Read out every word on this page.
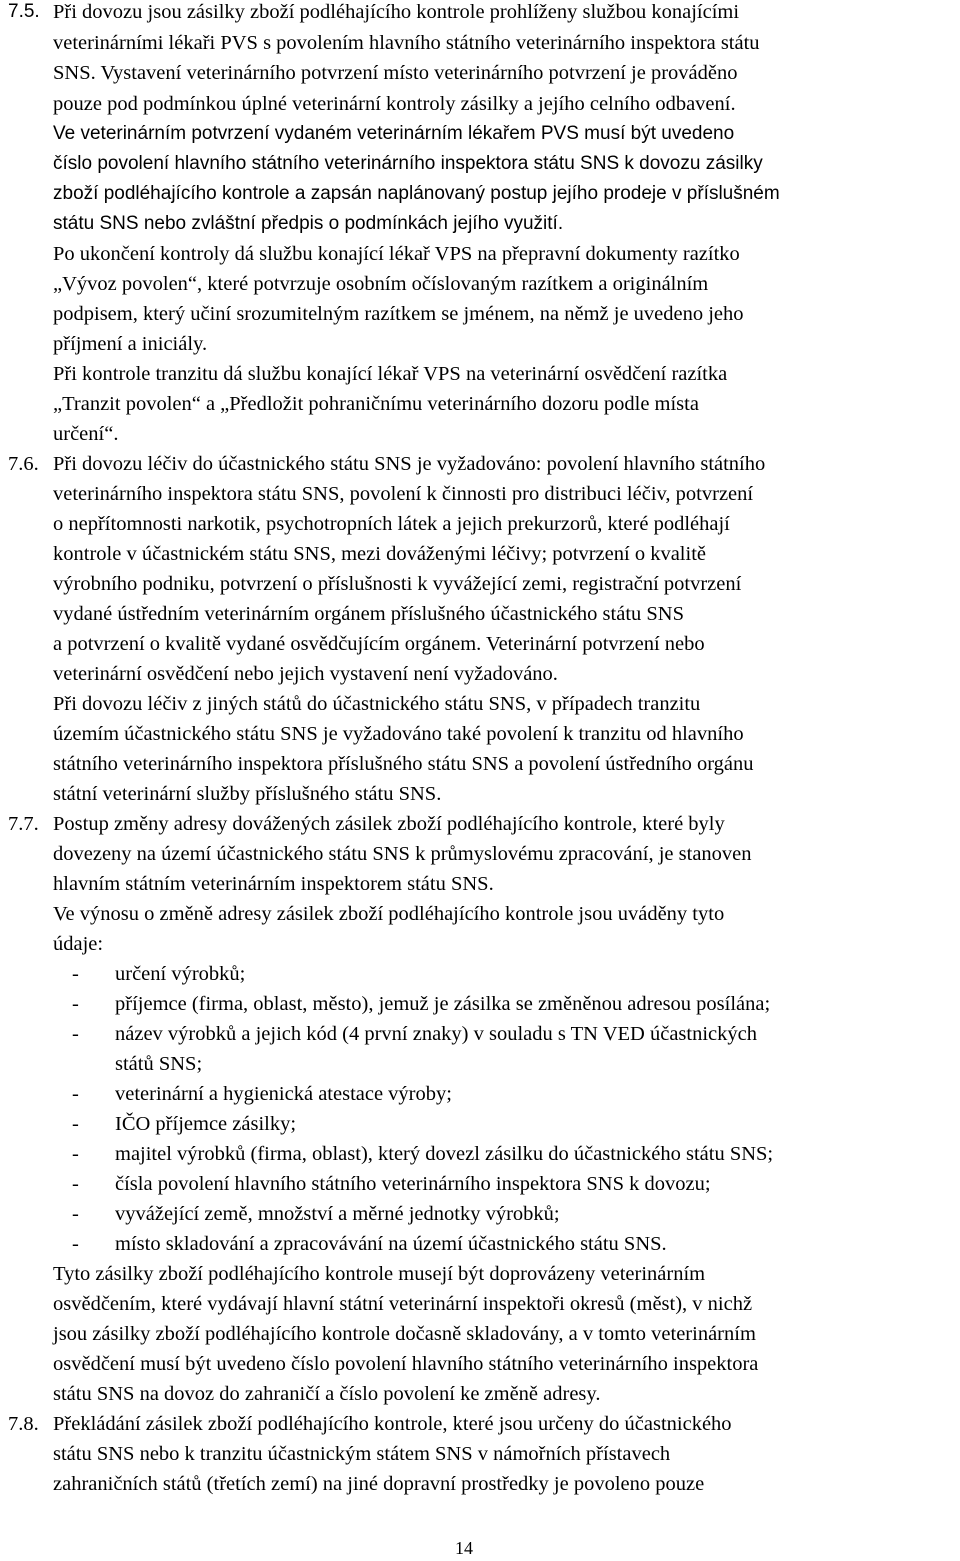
7.5. Při dovozu jsou zásilky zboží podléhajícího kontrole prohlíženy službou konajícími
veterinárními lékaři PVS s povolením hlavního státního veterinárního inspektora státu
SNS. Vystavení veterinárního potvrzení místo veterinárního potvrzení je prováděno
pouze pod podmínkou úplné veterinární kontroly zásilky a jejího celního odbavení.
Ve veterinárním potvrzení vydaném veterinárním lékařem PVS musí být uvedeno
číslo povolení hlavního státního veterinárního inspektora státu SNS k dovozu zásilky
zboží podléhajícího kontrole a zapsán naplánovaný postup jejího prodeje v příslušném
státu SNS nebo zvláštní předpis o podmínkách jejího využití.
Po ukončení kontroly dá službu konající lékař VPS na přepravní dokumenty razítko
„Vývoz povolen“, které potvrzuje osobním očíslovaným razítkem a originálním
podpisem, který učiní srozumitelným razítkem se jménem, na němž je uvedeno jeho
příjmení a iniciály.
Při kontrole tranzitu dá službu konající lékař VPS na veterinární osvědčení razítka
„Tranzit povolen“ a „Předložit pohraničnímu veterinárního dozoru podle místa
určení“.
7.6. Při dovozu léčiv do účastnického státu SNS je vyžadováno: povolení hlavního státního
veterinárního inspektora státu SNS, povolení k činnosti pro distribuci léčiv, potvrzení
o nepřítomnosti narkotik, psychotropních látek a jejich prekurzorů, které podléhají
kontrole v účastnickém státu SNS, mezi dováženými léčivy; potvrzení o kvalitě
výrobního podniku, potvrzení o příslušnosti k vyvážející zemi, registrační potvrzení
vydané ústředním veterinárním orgánem příslušného účastnického státu SNS
a potvrzení o kvalitě vydané osvědčujícím orgánem. Veterinární potvrzení nebo
veterinární osvědčení nebo jejich vystavení není vyžadováno.
Při dovozu léčiv z jiných států do účastnického státu SNS, v případech tranzitu
územím účastnického státu SNS je vyžadováno také povolení k tranzitu od hlavního
státního veterinárního inspektora příslušného státu SNS a povolení ústředního orgánu
státní veterinární služby příslušného státu SNS.
7.7. Postup změny adresy dovážených zásilek zboží podléhajícího kontrole, které byly
dovezeny na území účastnického státu SNS k průmyslovému zpracování, je stanoven
hlavním státním veterinárním inspektorem státu SNS.
Ve výnosu o změně adresy zásilek zboží podléhajícího kontrole jsou uváděny tyto
údaje:
- určení výrobků;
- příjemce (firma, oblast, město), jemuž je zásilka se změněnou adresou posílána;
- název výrobků a jejich kód (4 první znaky) v souladu s TN VED účastnických
států SNS;
- veterinární a hygienická atestace výroby;
- IČO příjemce zásilky;
- majitel výrobků (firma, oblast), který dovezl zásilku do účastnického státu SNS;
- čísla povolení hlavního státního veterinárního inspektora SNS k dovozu;
- vyvážející země, množství a měrné jednotky výrobků;
- místo skladování a zpracovávání na území účastnického státu SNS.
Tyto zásilky zboží podléhajícího kontrole musejí být doprovázeny veterinárním
osvědčením, které vydávají hlavní státní veterinární inspektoři okresů (měst), v nichž
jsou zásilky zboží podléhajícího kontrole dočasně skladovány, a v tomto veterinárním
osvědčení musí být uvedeno číslo povolení hlavního státního veterinárního inspektora
státu SNS na dovoz do zahraničí a číslo povolení ke změně adresy.
7.8. Překládání zásilek zboží podléhajícího kontrole, které jsou určeny do účastnického
státu SNS nebo k tranzitu účastnickým státem SNS v námořních přístavech
zahraničních států (třetích zemí) na jiné dopravní prostředky je povoleno pouze
14
